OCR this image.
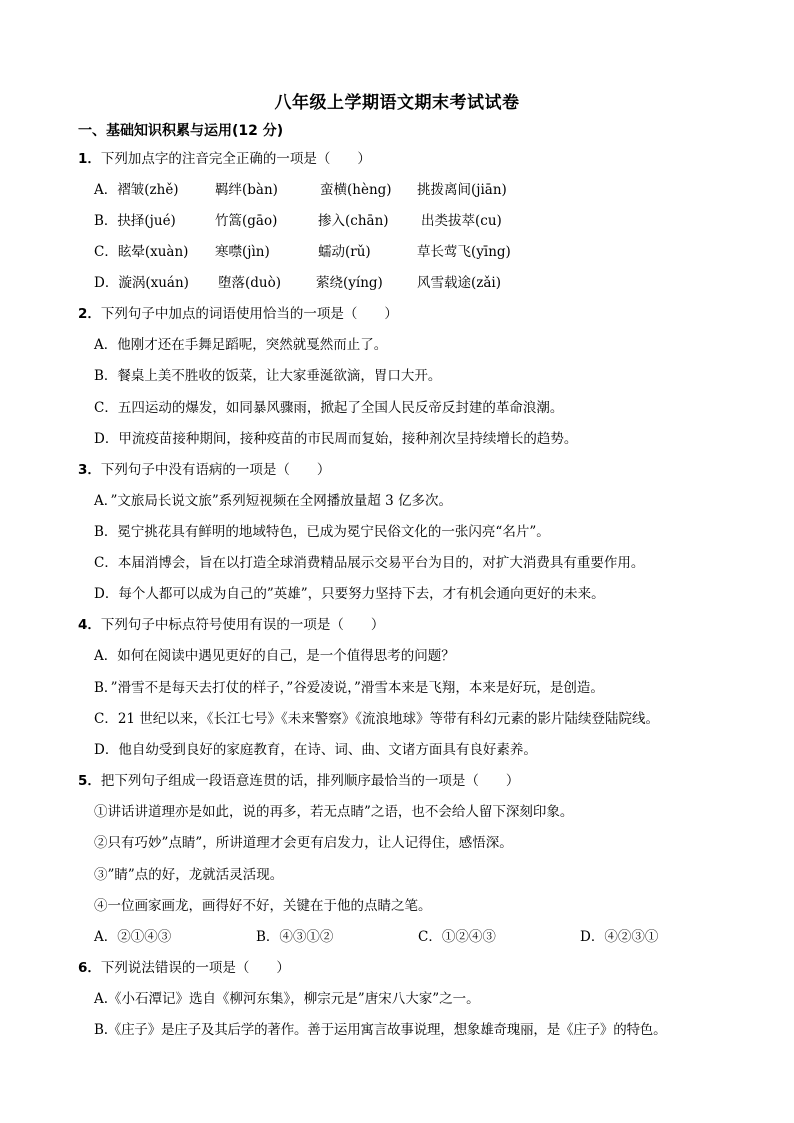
八年级上学期语文期末考试试卷
一、基础知识积累与运用(12 分)
1．下列加点字的注音完全正确的一项是（　　）
A．褶皱(zhě)	羁绊(bàn)	蛮横(hèng) 挑拨离间(jiān)
B．抉择(jué)	竹篙(gāo)	掺入(chān) 出类拔萃(cu)
C．眩晕(xuàn) 寒噤(jìn)	蠕动(rǔ)	草长莺飞(yīng)
D．漩涡(xuán) 堕落(duò)	萦绕(yíng)	风雪载途(zǎi)
2．下列句子中加点的词语使用恰当的一项是（　　）
A．他刚才还在手舞足蹈呢，突然就戛然而止了。
B．餐桌上美不胜收的饭菜，让大家垂涎欲滴，胃口大开。
C．五四运动的爆发，如同暴风骤雨，掀起了全国人民反帝反封建的革命浪潮。
D．甲流疫苗接种期间，接种疫苗的市民周而复始，接种剂次呈持续增长的趋势。
3．下列句子中没有语病的一项是（　　）
A．”文旅局长说文旅”系列短视频在全网播放量超 3 亿多次。
B．冕宁挑花具有鲜明的地域特色，已成为冕宁民俗文化的一张闪亮“名片”。
C．本届消博会，旨在以打造全球消费精品展示交易平台为目的，对扩大消费具有重要作用。
D．每个人都可以成为自己的”英雄”，只要努力坚持下去，才有机会通向更好的未来。
4．下列句子中标点符号使用有误的一项是（　　）
A．如何在阅读中遇见更好的自己，是一个值得思考的问题？
B．”滑雪不是每天去打仗的样子，”谷爱凌说，”滑雪本来是飞翔，本来是好玩，是创造。
C．21 世纪以来，《长江七号》《未来警察》《流浪地球》等带有科幻元素的影片陆续登陆院线。
D．他自幼受到良好的家庭教育，在诗、词、曲、文诸方面具有良好素养。
5．把下列句子组成一段语意连贯的话，排列顺序最恰当的一项是（　　）
①讲话讲道理亦是如此，说的再多，若无点睛”之语，也不会给人留下深刻印象。
②只有巧妙”点睛”，所讲道理才会更有启发力，让人记得住，感悟深。
③”睛”点的好，龙就活灵活现。
④一位画家画龙，画得好不好，关键在于他的点睛之笔。
A．②①④③	B．④③①②	C．①②④③	D．④②③①
6．下列说法错误的一项是（　　）
A.《小石潭记》选自《柳河东集》，柳宗元是”唐宋八大家”之一。
B.《庄子》是庄子及其后学的著作。善于运用寓言故事说理，想象雄奇瑰丽，是《庄子》的特色。
